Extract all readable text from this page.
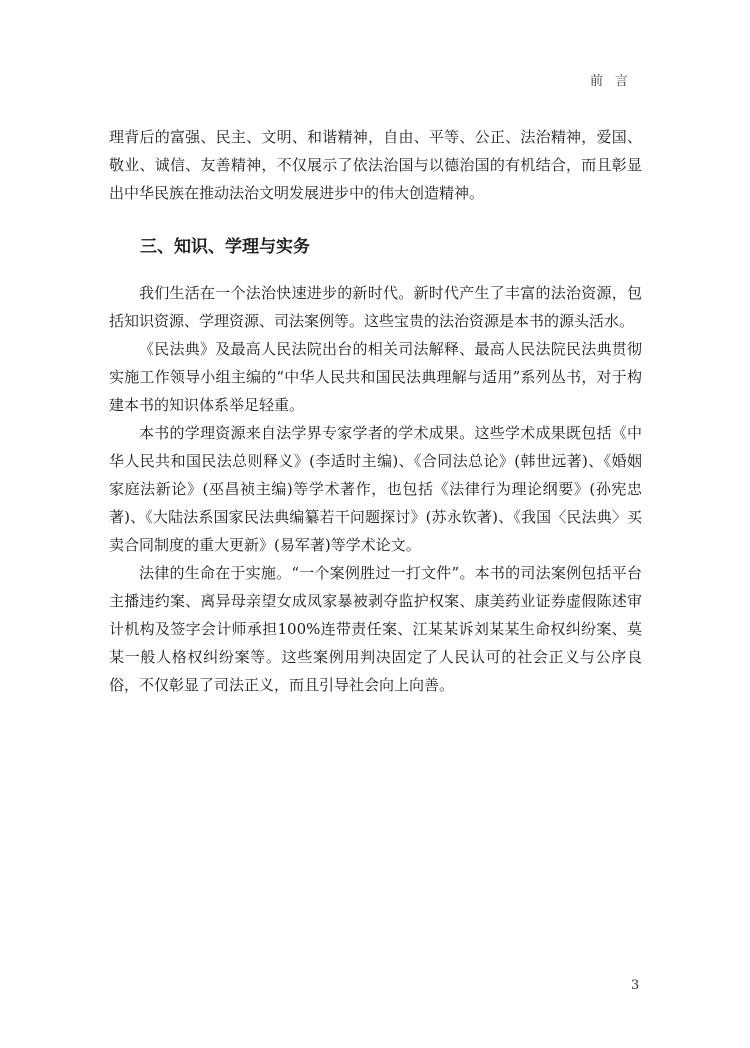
前言

理背后的富强、民主、文明、和谐精神，自由、平等、公正、法治精神，爱国、敬业、诚信、友善精神，不仅展示了依法治国与以德治国的有机结合，而且彰显出中华民族在推动法治文明发展进步中的伟大创造精神。

三、知识、学理与实务

我们生活在一个法治快速进步的新时代。新时代产生了丰富的法治资源，包括知识资源、学理资源、司法案例等。这些宝贵的法治资源是本书的源头活水。

《民法典》及最高人民法院出台的相关司法解释、最高人民法院民法典贯彻实施工作领导小组主编的“中华人民共和国民法典理解与适用”系列丛书，对于构建本书的知识体系举足轻重。

本书的学理资源来自法学界专家学者的学术成果。这些学术成果既包括《中华人民共和国民法总则释义》(李适时主编)、《合同法总论》(韩世远著)、《婚姻家庭法新论》(巫昌祯主编)等学术著作，也包括《法律行为理论纲要》(孙宪忠著)、《大陆法系国家民法典编纂若干问题探讨》(苏永钦著)、《我国〈民法典〉买卖合同制度的重大更新》(易军著)等学术论文。

法律的生命在于实施。“一个案例胜过一打文件”。本书的司法案例包括平台主播违约案、离异母亲望女成凤家暴被剥夺监护权案、康美药业证券虚假陈述审计机构及签字会计师承担100%连带责任案、江某某诉刘某某生命权纠纷案、莫某一般人格权纠纷案等。这些案例用判决固定了人民认可的社会正义与公序良俗，不仅彰显了司法正义，而且引导社会向上向善。

3
